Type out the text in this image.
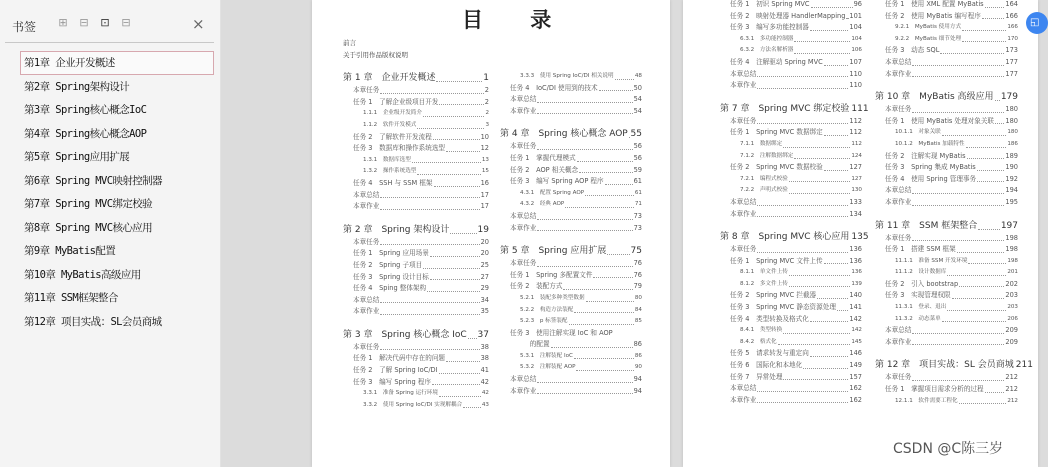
书签 ⊞ ⊟ ⊡ ⊟	×
第1章 企业开发概述
第2章 Spring架构设计
第3章 Spring核心概念IoC
第4章 Spring核心概念AOP
第5章 Spring应用扩展
第6章 Spring MVC映射控制器
第7章 Spring MVC绑定校验
第8章 Spring MVC核心应用
第9章 MyBatis配置
第10章 MyBatis高级应用
第11章 SSM框架整合
第12章 项目实战：SL会员商城
目 录
前言
关于引用作品版权说明
第 1 章　企业开发概述	1
本章任务	2
任务 1　了解企业级项目开发	2
1.1.1　企业级开发简介	2
1.1.2　软件开发模式	3
任务 2　了解软件开发流程	10
任务 3　数据库和操作系统选型	12
1.3.1　数据库选型	13
1.3.2　操作系统选型	15
任务 4　SSH 与 SSM 框架	16
本章总结	17
本章作业	17
第 2 章　Spring 架构设计	19
本章任务	20
任务 1　Spring 应用场景	20
任务 2　Spring 子项目	25
任务 3　Spring 设计目标	27
任务 4　Sping 整体架构	29
本章总结	34
本章作业	35
第 3 章　Spring 核心概念 IoC 37
本章任务	38
任务 1　解决代码中存在的问题	38
任务 2　了解 Spring IoC/DI	41
任务 3　编写 Spring 程序	42
3.3.1　准备 Spring 运行环境	42
3.3.2　使用 Spring IoC/DI 实现解耦合	43
3.3.3　使用 Spring IoC/DI 相关说明	48
任务 4　IoC/DI 使用到的技术	50
本章总结	54
本章作业	54
第 4 章　Spring 核心概念 AOP 55
本章任务	56
任务 1　掌握代理模式	56
任务 2　AOP 相关概念	59
任务 3　编写 Spring AOP 程序	61
4.3.1　配置 Spring AOP	61
4.3.2　经典 AOP	71
本章总结	73
本章作业	73
第 5 章　Spring 应用扩展	75
本章任务	76
任务 1　Spring 多配置文件	76
任务 2　装配方式	79
5.2.1　装配多种类型数据	80
5.2.2　构造方法装配	84
5.2.3　p 标签装配	85
任务 3　使用注解实现 IoC 和 AOP
　　　的配置	86
5.3.1　注解装配 IoC	86
5.3.2　注解装配 AOP	90
本章总结	94
本章作业	94
任务 1　初识 Spring MVC	96
任务 2　映射处理器 HandlerMapping 101
任务 3　编写多功能控制器	104
6.3.1　多功能控制器	104
6.3.2　方法名解析器	106
任务 4　注解驱动 Spring MVC	107
本章总结	110
本章作业	110
第 7 章　Spring MVC 绑定校验 111
本章任务	112
任务 1　Spring MVC 数据绑定	112
7.1.1　数据绑定	112
7.1.2　注解数据绑定	124
任务 2　Spring MVC 数据校验	127
7.2.1　编程式校验	127
7.2.2　声明式校验	130
本章总结	133
本章作业	134
第 8 章　Spring MVC 核心应用 135
本章任务	136
任务 1　Spring MVC 文件上传	136
8.1.1　单文件上传	136
8.1.2　多文件上传	139
任务 2　Spring MVC 拦截器	140
任务 3　Spring MVC 静态资源处理 141
任务 4　类型转换及格式化	142
8.4.1　类型转换	142
8.4.2　格式化	145
任务 5　请求转发与重定向	146
任务 6　国际化和本地化	149
任务 7　异常处理	157
本章总结	162
本章作业	162
任务 1　使用 XML 配置 MyBatis	164
任务 2　使用 MyBatis 编写程序	166
9.2.1　MyBatis 使用方式	166
9.2.2　MyBatis 细节处理	170
任务 3　动态 SQL	173
本章总结	177
本章作业	177
第 10 章　MyBatis 高级应用 179
本章任务	180
任务 1　使用 MyBatis 处理对象关联 180
10.1.1　对象关联	180
10.1.2　MyBatis 加载特性	186
任务 2　注解实现 MyBatis	189
任务 3　Spring 集成 MyBatis	190
任务 4　使用 Spring 管理事务	192
本章总结	194
本章作业	195
第 11 章　SSM 框架整合	197
本章任务	198
任务 1　搭建 SSM 框架	198
11.1.1　准备 SSM 开发环境	198
11.1.2　设计数据库	201
任务 2　引入 bootstrap	202
任务 3　实现管理权限	203
11.3.1　登录、退出	203
11.3.2　动态菜单	206
本章总结	209
本章作业	209
第 12 章　项目实战：SL 会员商城 211
本章任务	212
任务 1　掌握项目需求分析的过程	212
12.1.1　软件需要工程化	212
◱
CSDN @C陈三岁
